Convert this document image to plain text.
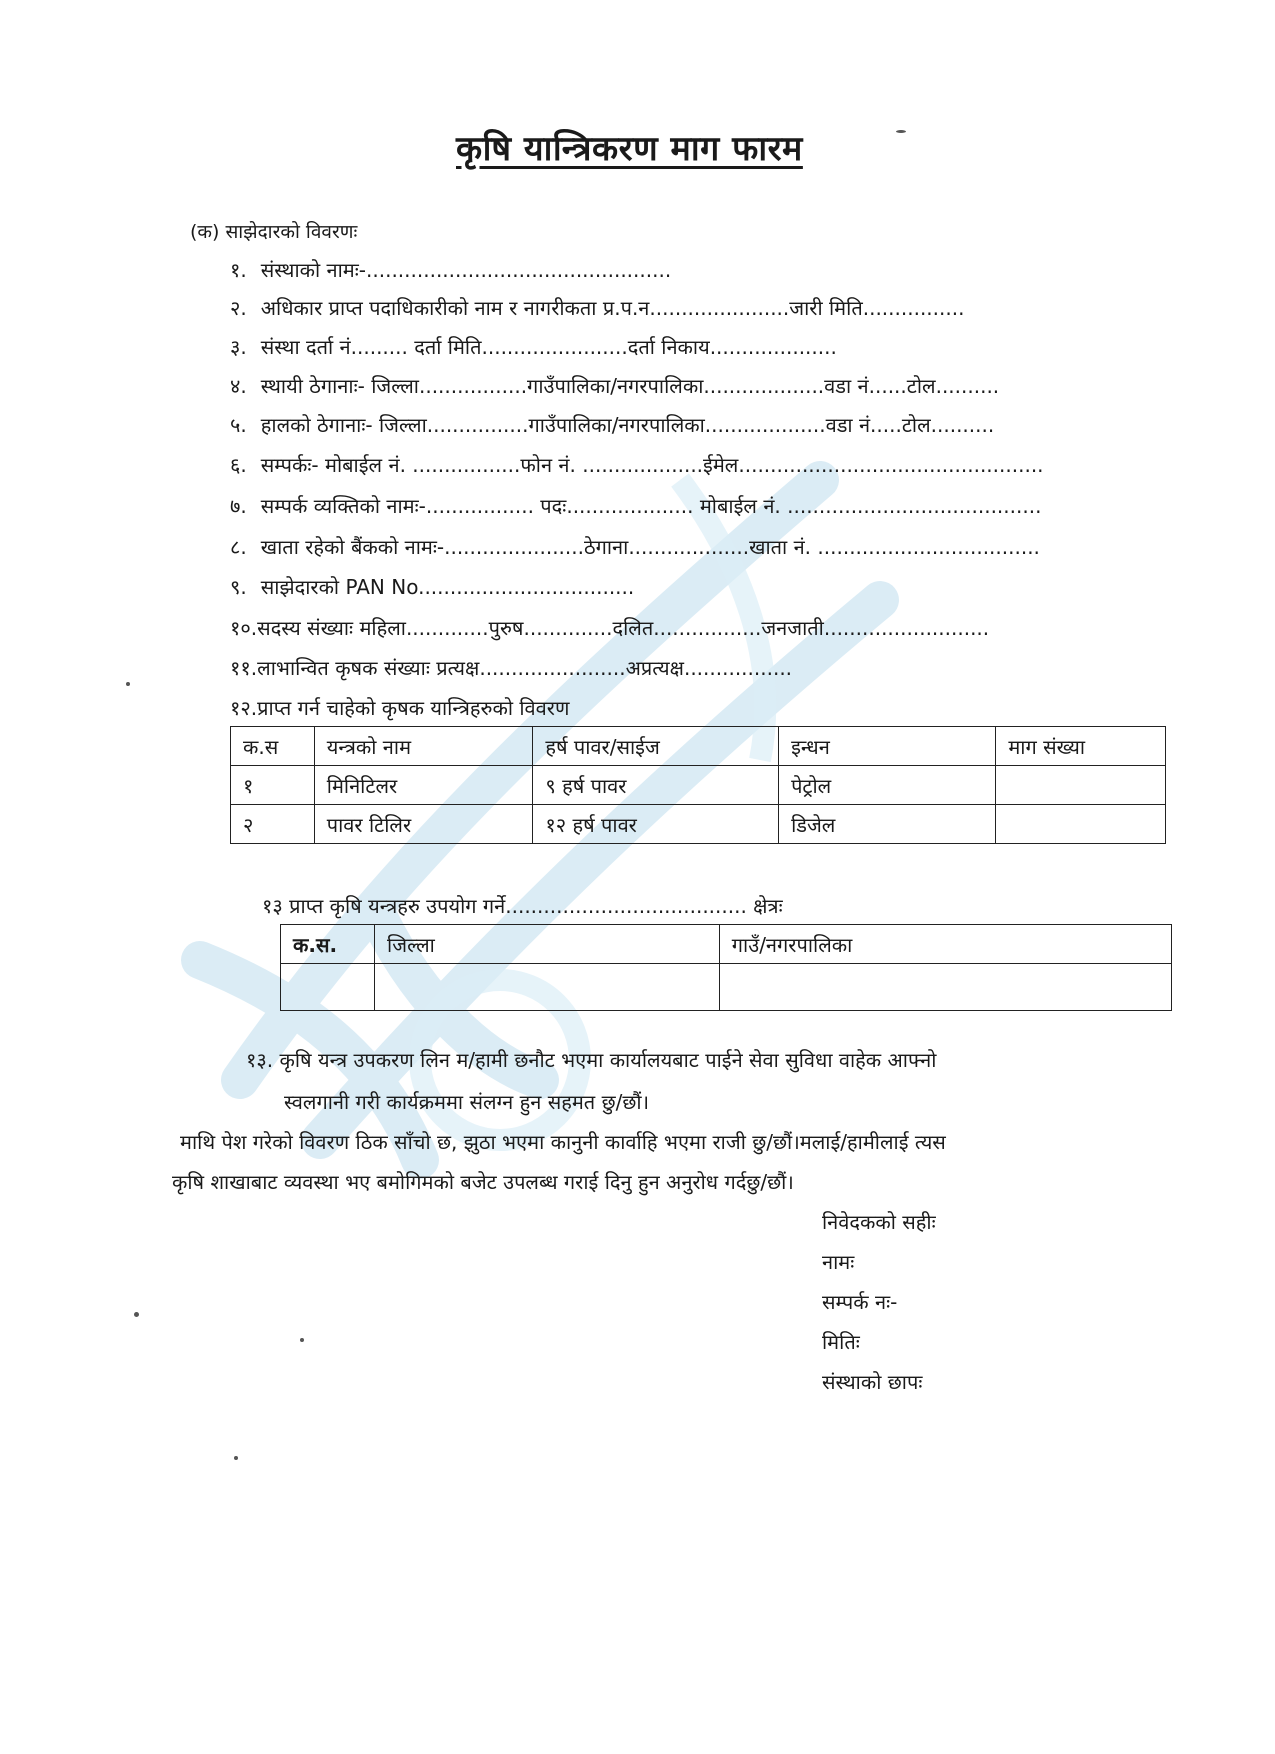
कृषि यान्त्रिकरण माग फारम
(क) साझेदारको विवरणः
१. संस्थाको नामः-................................................
२. अधिकार प्राप्त पदाधिकारीको नाम र नागरीकता प्र.प.न......................जारी मिति................
३. संस्था दर्ता नं......... दर्ता मिति.......................दर्ता निकाय....................
४. स्थायी ठेगानाः- जिल्ला.................गाउँपालिका/नगरपालिका...................वडा नं......टोल..........
५. हालको ठेगानाः- जिल्ला................गाउँपालिका/नगरपालिका...................वडा नं.....टोल..........
६. सम्पर्कः- मोबाईल नं. .................फोन नं. ...................ईमेल................................................
७. सम्पर्क व्यक्तिको नामः-................. पदः.................... मोबाईल नं. ........................................
८. खाता रहेको बैंकको नामः-......................ठेगाना...................खाता नं. ...................................
९. साझेदारको PAN No..................................
१०.सदस्य संख्याः महिला.............पुरुष..............दलित.................जनजाती..........................
११.लाभान्वित कृषक संख्याः प्रत्यक्ष.......................अप्रत्यक्ष.................
१२.प्राप्त गर्न चाहेको कृषक यान्त्रिहरुको विवरण
क.स	यन्त्रको नाम	हर्ष पावर/साईज	इन्धन	माग संख्या
१	मिनिटिलर	९ हर्ष पावर	पेट्रोल	
२	पावर टिलिर	१२ हर्ष पावर	डिजेल	
१३ प्राप्त कृषि यन्त्रहरु उपयोग गर्ने...................................... क्षेत्रः
क.स.	जिल्ला	गाउँ/नगरपालिका

१३. कृषि यन्त्र उपकरण लिन म/हामी छनौट भएमा कार्यालयबाट पाईने सेवा सुविधा वाहेक आफ्नो
स्वलगानी गरी कार्यक्रममा संलग्न हुन सहमत छु/छौं।
माथि पेश गरेको विवरण ठिक साँचो छ, झुठा भएमा कानुनी कार्वाहि भएमा राजी छु/छौं।मलाई/हामीलाई त्यस
कृषि शाखाबाट व्यवस्था भए बमोगिमको बजेट उपलब्ध गराई दिनु हुन अनुरोध गर्दछु/छौं।
निवेदकको सहीः
नामः
सम्पर्क नः-
मितिः
संस्थाको छापः
